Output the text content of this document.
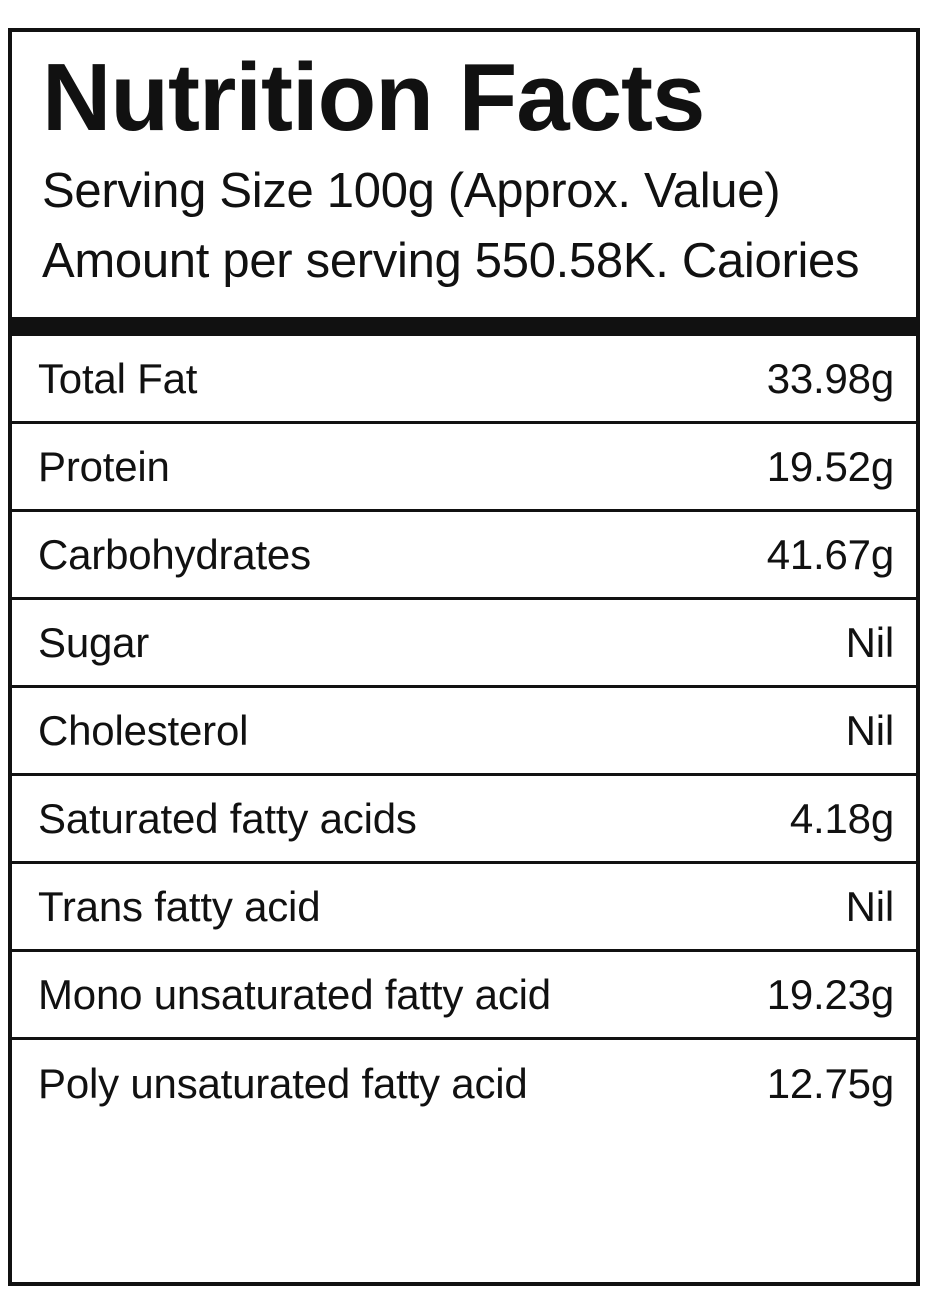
Nutrition Facts
Serving Size 100g (Approx. Value)
Amount per serving 550.58K. Caiories
Total Fat	33.98g
Protein	19.52g
Carbohydrates	41.67g
Sugar	Nil
Cholesterol	Nil
Saturated fatty acids	4.18g
Trans fatty acid	Nil
Mono unsaturated fatty acid	19.23g
Poly unsaturated fatty acid	12.75g
